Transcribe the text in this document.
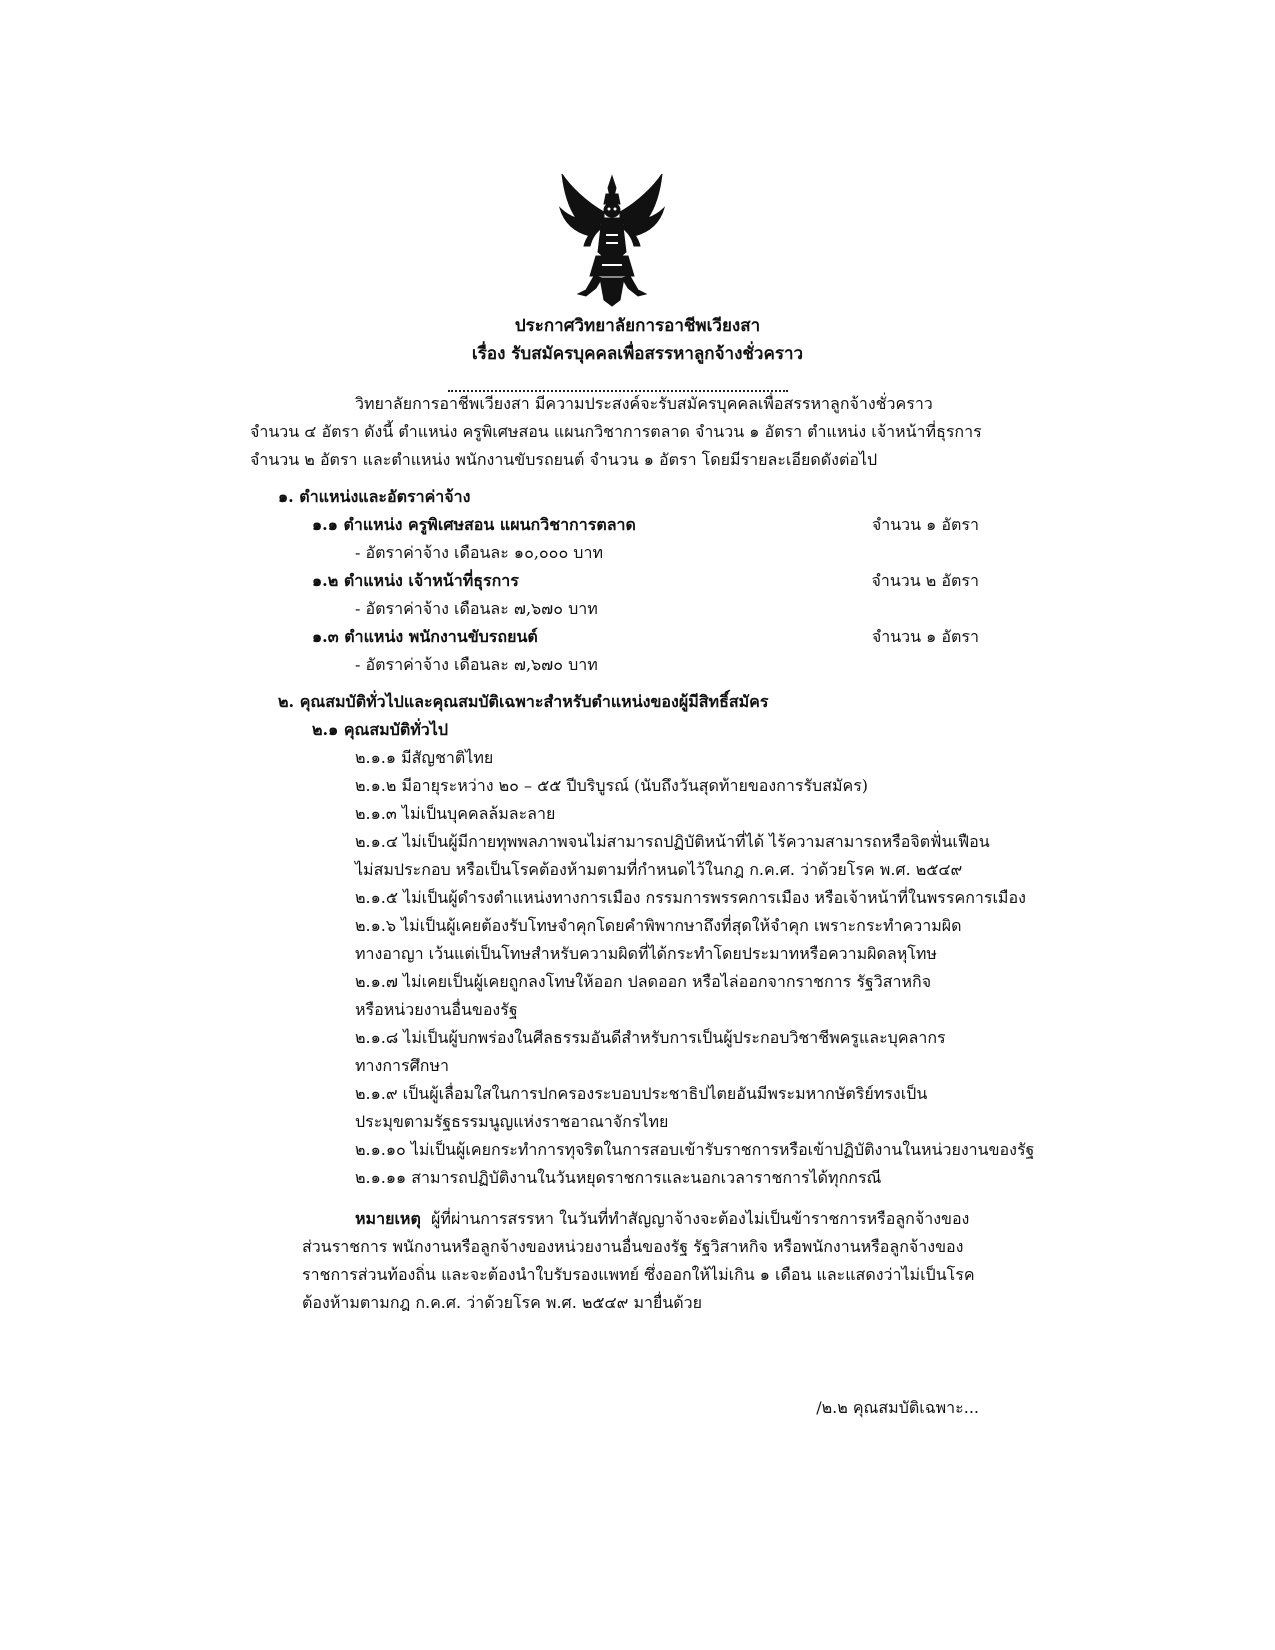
ประกาศวิทยาลัยการอาชีพเวียงสา
เรื่อง รับสมัครบุคคลเพื่อสรรหาลูกจ้างชั่วคราว
วิทยาลัยการอาชีพเวียงสา มีความประสงค์จะรับสมัครบุคคลเพื่อสรรหาลูกจ้างชั่วคราว
จำนวน ๔ อัตรา ดังนี้ ตำแหน่ง ครูพิเศษสอน แผนกวิชาการตลาด จำนวน ๑ อัตรา ตำแหน่ง เจ้าหน้าที่ธุรการ
จำนวน ๒ อัตรา และตำแหน่ง พนักงานขับรถยนต์ จำนวน ๑ อัตรา โดยมีรายละเอียดดังต่อไป
๑. ตำแหน่งและอัตราค่าจ้าง
๑.๑ ตำแหน่ง ครูพิเศษสอน แผนกวิชาการตลาด	จำนวน ๑ อัตรา
- อัตราค่าจ้าง เดือนละ ๑๐,๐๐๐ บาท
๑.๒ ตำแหน่ง เจ้าหน้าที่ธุรการ	จำนวน ๒ อัตรา
- อัตราค่าจ้าง เดือนละ ๗,๖๗๐ บาท
๑.๓ ตำแหน่ง พนักงานขับรถยนต์	จำนวน ๑ อัตรา
- อัตราค่าจ้าง เดือนละ ๗,๖๗๐ บาท
๒. คุณสมบัติทั่วไปและคุณสมบัติเฉพาะสำหรับตำแหน่งของผู้มีสิทธิ์สมัคร
๒.๑ คุณสมบัติทั่วไป
๒.๑.๑ มีสัญชาติไทย
๒.๑.๒ มีอายุระหว่าง ๒๐ – ๕๕ ปีบริบูรณ์ (นับถึงวันสุดท้ายของการรับสมัคร)
๒.๑.๓ ไม่เป็นบุคคลล้มละลาย
๒.๑.๔ ไม่เป็นผู้มีกายทุพพลภาพจนไม่สามารถปฏิบัติหน้าที่ได้ ไร้ความสามารถหรือจิตฟั่นเฟือน
ไม่สมประกอบ หรือเป็นโรคต้องห้ามตามที่กำหนดไว้ในกฎ ก.ค.ศ. ว่าด้วยโรค พ.ศ. ๒๕๔๙
๒.๑.๕ ไม่เป็นผู้ดำรงตำแหน่งทางการเมือง กรรมการพรรคการเมือง หรือเจ้าหน้าที่ในพรรคการเมือง
๒.๑.๖ ไม่เป็นผู้เคยต้องรับโทษจำคุกโดยคำพิพากษาถึงที่สุดให้จำคุก เพราะกระทำความผิด
ทางอาญา เว้นแต่เป็นโทษสำหรับความผิดที่ได้กระทำโดยประมาทหรือความผิดลหุโทษ
๒.๑.๗ ไม่เคยเป็นผู้เคยถูกลงโทษให้ออก ปลดออก หรือไล่ออกจากราชการ รัฐวิสาหกิจ
หรือหน่วยงานอื่นของรัฐ
๒.๑.๘ ไม่เป็นผู้บกพร่องในศีลธรรมอันดีสำหรับการเป็นผู้ประกอบวิชาชีพครูและบุคลากร
ทางการศึกษา
๒.๑.๙ เป็นผู้เลื่อมใสในการปกครองระบอบประชาธิปไตยอันมีพระมหากษัตริย์ทรงเป็น
ประมุขตามรัฐธรรมนูญแห่งราชอาณาจักรไทย
๒.๑.๑๐ ไม่เป็นผู้เคยกระทำการทุจริตในการสอบเข้ารับราชการหรือเข้าปฏิบัติงานในหน่วยงานของรัฐ
๒.๑.๑๑ สามารถปฏิบัติงานในวันหยุดราชการและนอกเวลาราชการได้ทุกกรณี
หมายเหตุ ผู้ที่ผ่านการสรรหา ในวันที่ทำสัญญาจ้างจะต้องไม่เป็นข้าราชการหรือลูกจ้างของ
ส่วนราชการ พนักงานหรือลูกจ้างของหน่วยงานอื่นของรัฐ รัฐวิสาหกิจ หรือพนักงานหรือลูกจ้างของ
ราชการส่วนท้องถิ่น และจะต้องนำใบรับรองแพทย์ ซึ่งออกให้ไม่เกิน ๑ เดือน และแสดงว่าไม่เป็นโรค
ต้องห้ามตามกฎ ก.ค.ศ. ว่าด้วยโรค พ.ศ. ๒๕๔๙ มายื่นด้วย
/๒.๒ คุณสมบัติเฉพาะ...
